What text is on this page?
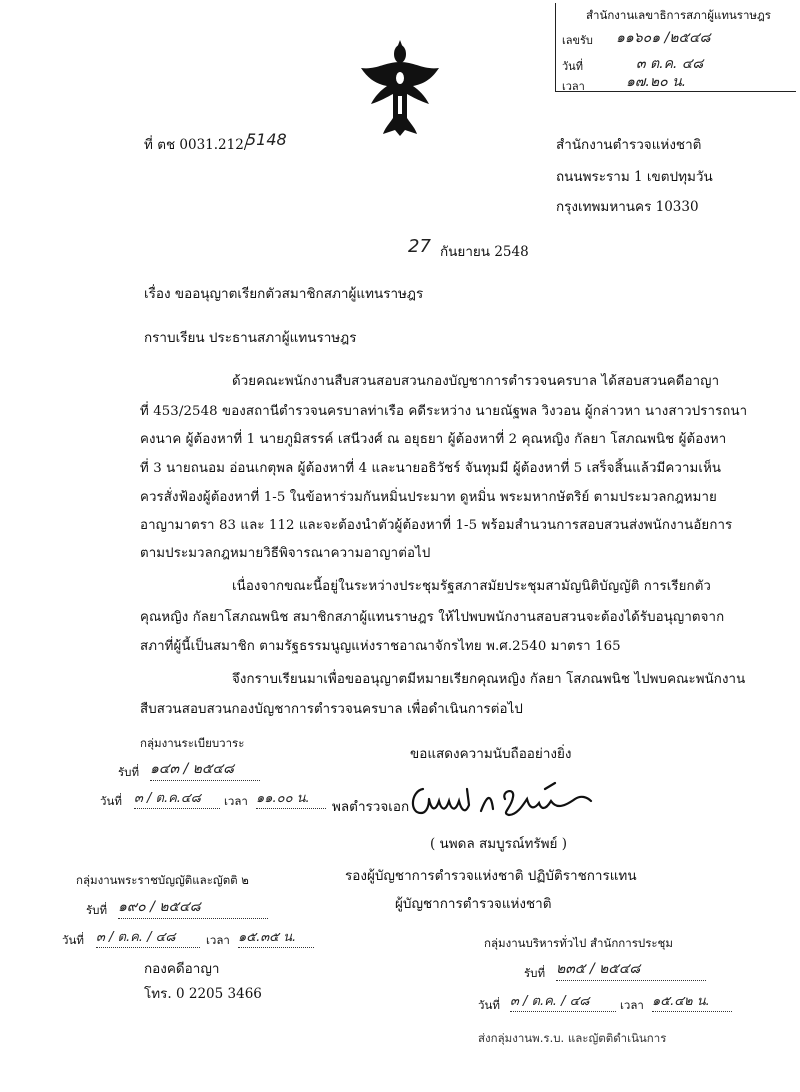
สำนักงานเลขาธิการสภาผู้แทนราษฎร
เลขรับ ๑๑๖๐๑ /๒๕๔๘
วันที่	๓ ต.ค. ๔๘
เวลา	๑๗.๒๐ น.
ที่ ตช 0031.212/
5148	สำนักงานตำรวจแห่งชาติ
ถนนพระราม 1 เขตปทุมวัน
กรุงเทพมหานคร 10330
27 กันยายน 2548
เรื่อง ขออนุญาตเรียกตัวสมาชิกสภาผู้แทนราษฎร
กราบเรียน ประธานสภาผู้แทนราษฎร
ด้วยคณะพนักงานสืบสวนสอบสวนกองบัญชาการตำรวจนครบาล ได้สอบสวนคดีอาญา
ที่ 453/2548 ของสถานีตำรวจนครบาลท่าเรือ คดีระหว่าง นายณัฐพล วิงวอน ผู้กล่าวหา นางสาวปรารถนา
คงนาค ผู้ต้องหาที่ 1 นายภูมิสรรค์ เสนีวงศ์ ณ อยุธยา ผู้ต้องหาที่ 2 คุณหญิง กัลยา โสภณพนิช ผู้ต้องหา
ที่ 3 นายถนอม อ่อนเกตุพล ผู้ต้องหาที่ 4 และนายอธิวัชร์ จันทุมมี ผู้ต้องหาที่ 5 เสร็จสิ้นแล้วมีความเห็น
ควรสั่งฟ้องผู้ต้องหาที่ 1-5 ในข้อหาร่วมกันหมิ่นประมาท ดูหมิ่น พระมหากษัตริย์ ตามประมวลกฎหมาย
อาญามาตรา 83 และ 112 และจะต้องนำตัวผู้ต้องหาที่ 1-5 พร้อมสำนวนการสอบสวนส่งพนักงานอัยการ
ตามประมวลกฎหมายวิธีพิจารณาความอาญาต่อไป
เนื่องจากขณะนี้อยู่ในระหว่างประชุมรัฐสภาสมัยประชุมสามัญนิติบัญญัติ การเรียกตัว
คุณหญิง กัลยาโสภณพนิช สมาชิกสภาผู้แทนราษฎร ให้ไปพบพนักงานสอบสวนจะต้องได้รับอนุญาตจาก
สภาที่ผู้นี้เป็นสมาชิก ตามรัฐธรรมนูญแห่งราชอาณาจักรไทย พ.ศ.2540 มาตรา 165
จึงกราบเรียนมาเพื่อขออนุญาตมีหมายเรียกคุณหญิง กัลยา โสภณพนิช ไปพบคณะพนักงาน
สืบสวนสอบสวนกองบัญชาการตำรวจนครบาล เพื่อดำเนินการต่อไป
กลุ่มงานระเบียบวาระ
รับที่ ๑๔๓ / ๒๕๔๘
วันที่ ๓ / ต.ค.๔๘	เวลา ๑๑.๐๐ น.
ขอแสดงความนับถืออย่างยิ่ง
พลตำรวจเอก
( นพดล สมบูรณ์ทรัพย์ )
รองผู้บัญชาการตำรวจแห่งชาติ ปฏิบัติราชการแทน
ผู้บัญชาการตำรวจแห่งชาติ
กลุ่มงานพระราชบัญญัติและญัตติ ๒
รับที่ ๑๙๐ / ๒๕๔๘
วันที่ ๓ / ต.ค. / ๔๘	เวลา ๑๕.๓๕ น.
กองคดีอาญา
โทร. 0 2205 3466
กลุ่มงานบริหารทั่วไป สำนักการประชุม
รับที่ ๒๓๕ / ๒๕๔๘
วันที่ ๓ / ต.ค. / ๔๘	เวลา ๑๕.๔๒ น.
ส่งกลุ่มงานพ.ร.บ. และญัตติดำเนินการ
